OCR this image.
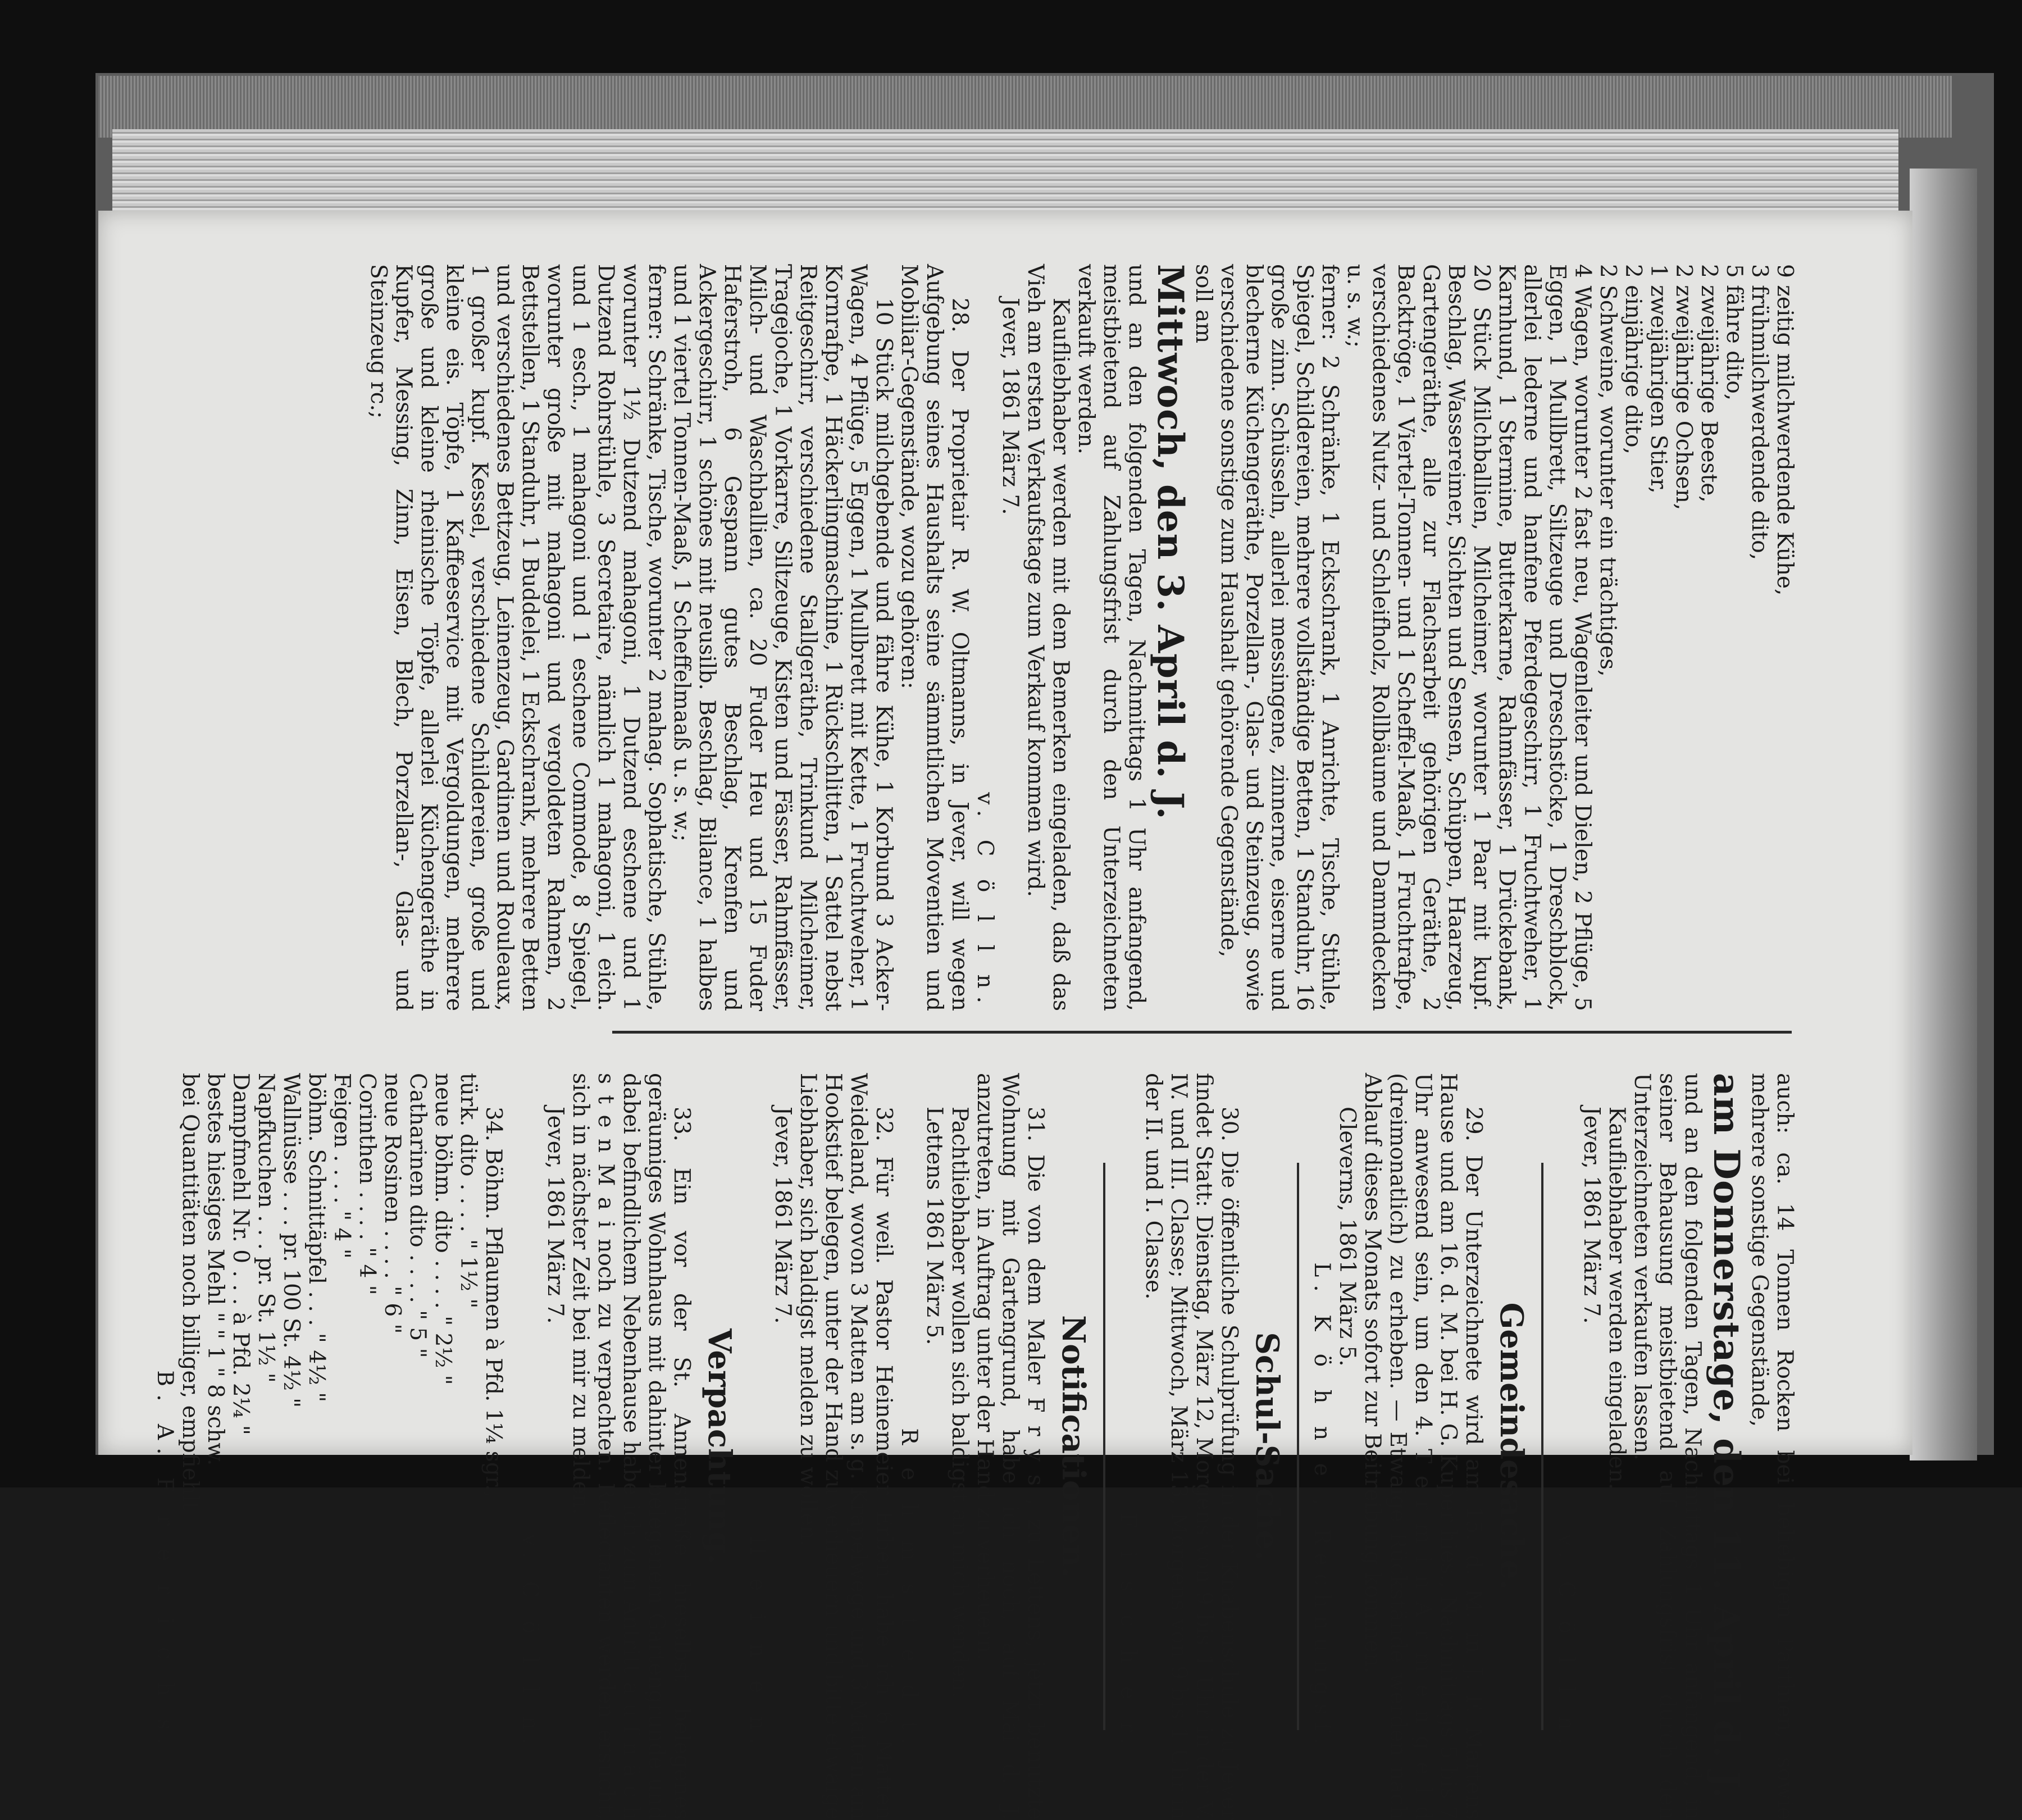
9 zeitig milchwerdende Kühe,
3 frühmilchwerdende dito,
5 fähre dito,
2 zweijährige Beeste,
2 zweijährige Ochsen,
1 zweijährigen Stier,
2 einjährige dito,
2 Schweine, worunter ein trächtiges,
4 Wagen, worunter 2 fast neu, Wagenleiter und Dielen, 2 Pflüge, 5 Eggen, 1 Mullbrett, Siltzeuge und Dreschstöcke, 1 Dreschblock, allerlei lederne und hanfene Pferdegeschirr, 1 Fruchtweher, 1 Karnhund, 1 Stermine, Butterkarne, Rahmfässer, 1 Drückebank, 20 Stück Milchballien, Milcheimer, worunter 1 Paar mit kupf. Beschlag, Wassereimer, Sichten und Sensen, Schüppen, Haarzeug, Gartengeräthe, alle zur Flachsarbeit gehörigen Geräthe, 2 Backtröge, 1 Viertel-Tonnen- und 1 Scheffel-Maaß, 1 Fruchtrafpe, verschiedenes Nutz- und Schleifholz, Rollbäume und Dammdecken u. s. w.;
ferner: 2 Schränke, 1 Eckschrank, 1 Anrichte, Tische, Stühle, Spiegel, Schildereien, mehrere vollständige Betten, 1 Standuhr, 16 große zinn. Schüsseln, allerlei messingene, zinnerne, eiserne und blecherne Küchengeräthe, Porzellan-, Glas- und Steinzeug, sowie verschiedene sonstige zum Haushalt gehörende Gegenstände,
soll am
Mittwoch, den 3. April d. J.
und an den folgenden Tagen, Nachmittags 1 Uhr anfangend, meistbietend auf Zahlungsfrist durch den Unterzeichneten verkauft werden.
Kaufliebhaber werden mit dem Bemerken eingeladen, daß das Vieh am ersten Verkaufstage zum Verkauf kommen wird.
Jever, 1861 März 7.
v. C ö l l n.
28. Der Proprietair R. W. Oltmanns, in Jever, will wegen Aufgebung seines Haushalts seine sämmtlichen Moventien und Mobiliar-Gegenstände, wozu gehören:
10 Stück milchgebende und fähre Kühe, 1 Korbund 3 Acker-Wagen, 4 Pflüge, 5 Eggen, 1 Mullbrett mit Kette, 1 Fruchtweher, 1 Kornrafpe, 1 Häckerlingmaschine, 1 Rückschlitten, 1 Sattel nebst Reitgeschirr, verschiedene Stallgeräthe, Trinkund Milcheimer, Tragejoche, 1 Vorkarre, Siltzeuge, Kisten und Fässer, Rahmfässer, Milch- und Waschballien, ca. 20 Fuder Heu und 15 Fuder Haferstroh, 6 Gespann gutes Beschlag, Krenfen und Ackergeschirr, 1 schönes mit neusilb. Beschlag, Bilance, 1 halbes und 1 viertel Tonnen-Maaß, 1 Scheffelmaaß u. s. w.;
ferner: Schränke, Tische, worunter 2 mahag. Sophatische, Stühle, worunter 1½ Dutzend mahagoni, 1 Dutzend eschene und 1 Dutzend Rohrstühle, 3 Secretaire, nämlich 1 mahagoni, 1 eich. und 1 esch., 1 mahagoni und 1 eschene Commode, 8 Spiegel, worunter große mit mahagoni und vergoldeten Rahmen, 2 Bettstellen, 1 Standuhr, 1 Buddelei, 1 Eckschrank, mehrere Betten und verschiedenes Bettzeug, Leinenzeug, Gardinen und Rouleaux, 1 großer kupf. Kessel, verschiedene Schildereien, große und kleine eis. Töpfe, 1 Kaffeeservice mit Vergoldungen, mehrere große und kleine rheinische Töpfe, allerlei Küchengeräthe in Kupfer, Messing, Zinn, Eisen, Blech, Porzellan-, Glas- und Steinzeug rc.;
auch: ca. 14 Tonnen Rocken bei beliebigen Parthien, sowie mehrere sonstige Gegenstände,
am Donnerstage, den 11. April d. J.
und an den folgenden Tagen, Nachmittags 1 Uhr anfangend, in seiner Behausung meistbietend auf Zahlungsfrist durch den Unterzeichneten verkaufen lassen.
Kaufliebhaber werden eingeladen.
Jever, 1861 März 7.
v. C ö l l n.
Gemeindesache.
29. Der Unterzeichnete wird am 15. d. M. in J. F. Martens Hause und am 16. d. M. bei H. G. Kuper hies., Nachmittags 5 bis 7 Uhr anwesend sein, um den 4. T e r m i n A r m e n g e l d (dreimonatlich) zu erheben. — Etwaige Rückstände werden nach Ablauf dieses Monats sofort zur Beitreibung kommen.
Cleverns, 1861 März 5.
L. K ö h n e , Rechnungsf.
Schul-Sache.
30. Die öffentliche Schulprüfung in der Knabenschule zu Jever findet Statt: Dienstag, März 12, Morgens von 9 bis 1 Uhr in der V. IV. und III. Classe; Mittwoch, März 13, Morgens von 9 bis 1 Uhr in der II. und I. Classe.
F i s c h e r.
Notificationen.
31. Die von dem Maler F r y s , zu Lettens, jetzt benutzte Wohnung mit Gartengrund, habe ich noch, auf Mai d. J. anzutreten, in Auftrag unter der Hand zu verheuern.
Pachtliebhaber wollen sich baldigst an mich wenden.
Lettens 1861 März 5.
R e h m s t e d t.
32. Für weil. Pastor Heinemeier Erben habe ich 6 Matten Weideland, wovon 3 Matten am s. g. Krapelwege und 3 Matten am Hookstief belegen, unter der Hand zu verheuern und bitte etwaige Liebhaber, sich baldigst melden zu wollen.
Jever, 1861 März 7.
H e i n e n.
Verpachtung.
33. Ein vor der St. Annenstraße hieselbst belegenes geräumiges Wohnhaus mit dahinter belegenem Gartengrunde und dabei befindlichem Nebenhause habe ich zum Antritt a u f n ä c h s t e n M a i noch zu verpachten. Reflectanten werden ersucht, sich in nächster Zeit bei mir zu melden.
Jever, 1861 März 7.
v. C ö l l n.
34. Böhm. Pflaumen à Pfd. 1¼ sgr.,
türk. dito . . . . " 1½ "
neue böhm. dito . . . . " 2½ "
Catharinen dito . . . . " 5 "
neue Rosinen . . . . " 6 "
Corinthen . . . . " 4 "
Feigen . . . . " 4 "
böhm. Schnittäpfel . . . " 4½ "
Wallnüsse . . . pr. 100 St. 4½ "
Napfkuchen . . . pr. St. 1½ "
Dampfmehl Nr. 0 . . . à Pfd. 2¼ "
bestes hiesiges Mehl " " 1 " 8 schw.
bei Quantitäten noch billiger, empfiehlt
B. A. F r e r i c h s.
